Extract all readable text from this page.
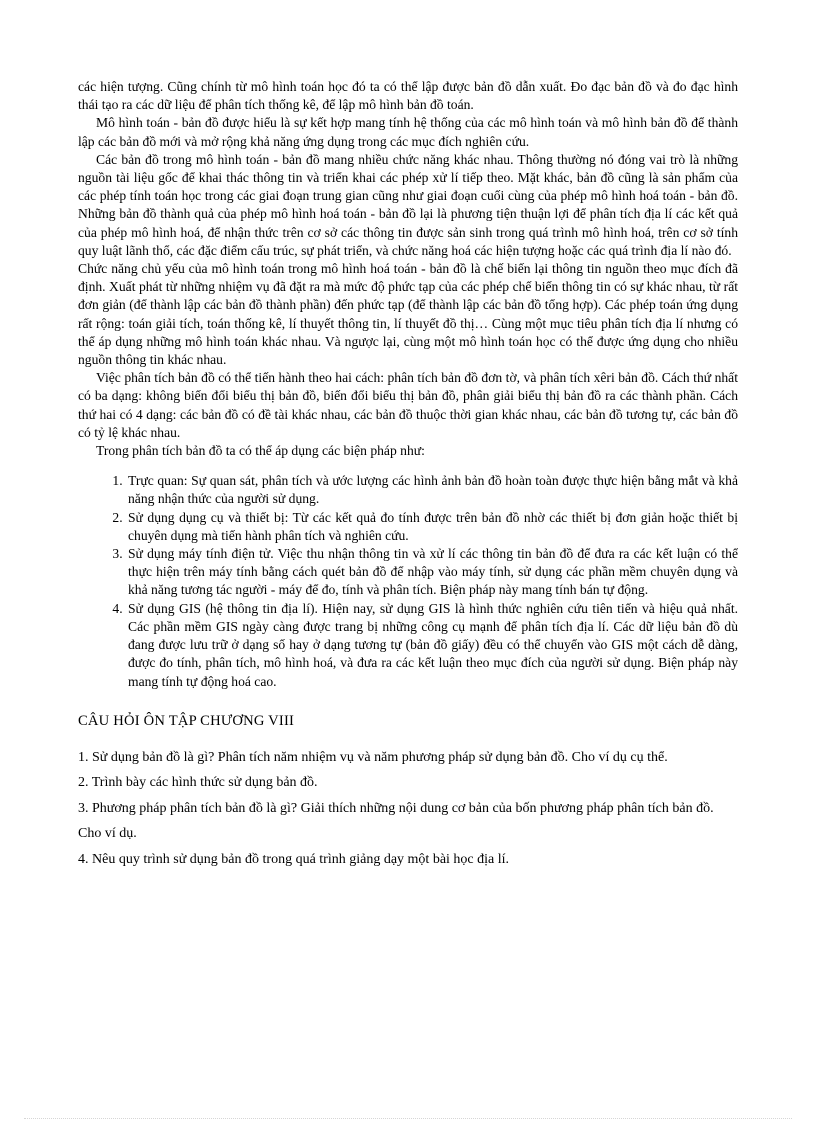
các hiện tượng. Cũng chính từ mô hình toán học đó ta có thể lập được bản đồ dẫn xuất. Đo đạc bản đồ và đo đạc hình thái tạo ra các dữ liệu để phân tích thống kê, để lập mô hình bản đồ toán.

Mô hình toán - bản đồ được hiểu là sự kết hợp mang tính hệ thống của các mô hình toán và mô hình bản đồ để thành lập các bản đồ mới và mở rộng khả năng ứng dụng trong các mục đích nghiên cứu.

Các bản đồ trong mô hình toán - bản đồ mang nhiều chức năng khác nhau. Thông thường nó đóng vai trò là những nguồn tài liệu gốc để khai thác thông tin và triển khai các phép xử lí tiếp theo. Mặt khác, bản đồ cũng là sản phẩm của các phép tính toán học trong các giai đoạn trung gian cũng như giai đoạn cuối cùng của phép mô hình hoá toán - bản đồ. Những bản đồ thành quả của phép mô hình hoá toán - bản đồ lại là phương tiện thuận lợi để phân tích địa lí các kết quả của phép mô hình hoá, để nhận thức trên cơ sở các thông tin được sản sinh trong quá trình mô hình hoá, trên cơ sở tính quy luật lãnh thổ, các đặc điểm cấu trúc, sự phát triển, và chức năng hoá các hiện tượng hoặc các quá trình địa lí nào đó.

Chức năng chủ yếu của mô hình toán trong mô hình hoá toán - bản đồ là chế biến lại thông tin nguồn theo mục đích đã định. Xuất phát từ những nhiệm vụ đã đặt ra mà mức độ phức tạp của các phép chế biến thông tin có sự khác nhau, từ rất đơn giản (để thành lập các bản đồ thành phần) đến phức tạp (để thành lập các bản đồ tổng hợp). Các phép toán ứng dụng rất rộng: toán giải tích, toán thống kê, lí thuyết thông tin, lí thuyết đồ thị… Cùng một mục tiêu phân tích địa lí nhưng có thể áp dụng những mô hình toán khác nhau. Và ngược lại, cùng một mô hình toán học có thể được ứng dụng cho nhiều nguồn thông tin khác nhau.

Việc phân tích bản đồ có thể tiến hành theo hai cách: phân tích bản đồ đơn tờ, và phân tích xêri bản đồ. Cách thứ nhất có ba dạng: không biến đổi biểu thị bản đồ, biến đổi biểu thị bản đồ, phân giải biểu thị bản đồ ra các thành phần. Cách thứ hai có 4 dạng: các bản đồ có đề tài khác nhau, các bản đồ thuộc thời gian khác nhau, các bản đồ tương tự, các bản đồ có tỷ lệ khác nhau.

Trong phân tích bản đồ ta có thể áp dụng các biện pháp như:

1. Trực quan: Sự quan sát, phân tích và ước lượng các hình ảnh bản đồ hoàn toàn được thực hiện bằng mắt và khả năng nhận thức của người sử dụng.
2. Sử dụng dụng cụ và thiết bị: Từ các kết quả đo tính được trên bản đồ nhờ các thiết bị đơn giản hoặc thiết bị chuyên dụng mà tiến hành phân tích và nghiên cứu.
3. Sử dụng máy tính điện tử. Việc thu nhận thông tin và xử lí các thông tin bản đồ để đưa ra các kết luận có thể thực hiện trên máy tính bằng cách quét bản đồ để nhập vào máy tính, sử dụng các phần mềm chuyên dụng và khả năng tương tác người - máy để đo, tính và phân tích. Biện pháp này mang tính bán tự động.
4. Sử dụng GIS (hệ thông tin địa lí). Hiện nay, sử dụng GIS là hình thức nghiên cứu tiên tiến và hiệu quả nhất. Các phần mềm GIS ngày càng được trang bị những công cụ mạnh để phân tích địa lí. Các dữ liệu bản đồ dù đang được lưu trữ ở dạng số hay ở dạng tương tự (bản đồ giấy) đều có thể chuyển vào GIS một cách dễ dàng, được đo tính, phân tích, mô hình hoá, và đưa ra các kết luận theo mục đích của người sử dụng. Biện pháp này mang tính tự động hoá cao.
CÂU HỎI ÔN TẬP CHƯƠNG VIII

1. Sử dụng bản đồ là gì? Phân tích năm nhiệm vụ và năm phương pháp sử dụng bản đồ. Cho ví dụ cụ thể.

2. Trình bày các hình thức sử dụng bản đồ.

3. Phương pháp phân tích bản đồ là gì? Giải thích những nội dung cơ bản của bốn phương pháp phân tích bản đồ. Cho ví dụ.

4. Nêu quy trình sử dụng bản đồ trong quá trình giảng dạy một bài học địa lí.
